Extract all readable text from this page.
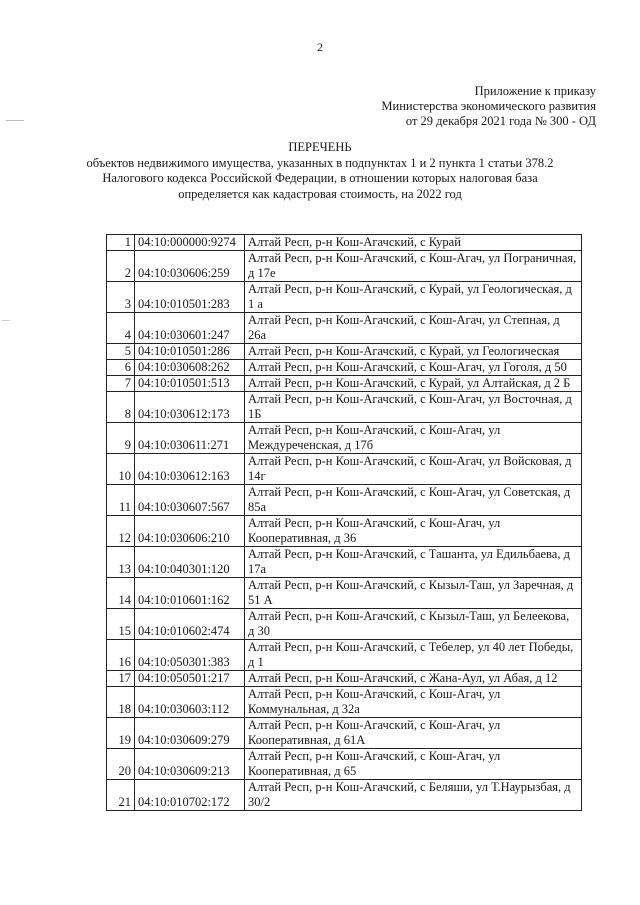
2
Приложение к приказу
Министерства экономического развития
от 29 декабря 2021 года № 300 - ОД
ПЕРЕЧЕНЬ
объектов недвижимого имущества, указанных в подпунктах 1 и 2 пункта 1 статьи 378.2
Налогового кодекса Российской Федерации, в отношении которых налоговая база
определяется как кадастровая стоимость, на 2022 год
1	04:10:000000:9274	Алтай Респ, р-н Кош-Агачский, с Курай
2	04:10:030606:259	Алтай Респ, р-н Кош-Агачский, с Кош-Агач, ул Пограничная, д 17е
3	04:10:010501:283	Алтай Респ, р-н Кош-Агачский, с Курай, ул Геологическая, д 1 а
4	04:10:030601:247	Алтай Респ, р-н Кош-Агачский, с Кош-Агач, ул Степная, д 26а
5	04:10:010501:286	Алтай Респ, р-н Кош-Агачский, с Курай, ул Геологическая
6	04:10:030608:262	Алтай Респ, р-н Кош-Агачский, с Кош-Агач, ул Гоголя, д 50
7	04:10:010501:513	Алтай Респ, р-н Кош-Агачский, с Курай, ул Алтайская, д 2 Б
8	04:10:030612:173	Алтай Респ, р-н Кош-Агачский, с Кош-Агач, ул Восточная, д 1Б
9	04:10:030611:271	Алтай Респ, р-н Кош-Агачский, с Кош-Агач, ул Междуреченская, д 17б
10	04:10:030612:163	Алтай Респ, р-н Кош-Агачский, с Кош-Агач, ул Войсковая, д 14г
11	04:10:030607:567	Алтай Респ, р-н Кош-Агачский, с Кош-Агач, ул Советская, д 85а
12	04:10:030606:210	Алтай Респ, р-н Кош-Агачский, с Кош-Агач, ул Кооперативная, д 36
13	04:10:040301:120	Алтай Респ, р-н Кош-Агачский, с Ташанта, ул Едильбаева, д 17а
14	04:10:010601:162	Алтай Респ, р-н Кош-Агачский, с Кызыл-Таш, ул Заречная, д 51 А
15	04:10:010602:474	Алтай Респ, р-н Кош-Агачский, с Кызыл-Таш, ул Белеекова, д 30
16	04:10:050301:383	Алтай Респ, р-н Кош-Агачский, с Тебелер, ул 40 лет Победы, д 1
17	04:10:050501:217	Алтай Респ, р-н Кош-Агачский, с Жана-Аул, ул Абая, д 12
18	04:10:030603:112	Алтай Респ, р-н Кош-Агачский, с Кош-Агач, ул Коммунальная, д 32а
19	04:10:030609:279	Алтай Респ, р-н Кош-Агачский, с Кош-Агач, ул Кооперативная, д 61А
20	04:10:030609:213	Алтай Респ, р-н Кош-Агачский, с Кош-Агач, ул Кооперативная, д 65
21	04:10:010702:172	Алтай Респ, р-н Кош-Агачский, с Беляши, ул Т.Наурызбая, д 30/2
